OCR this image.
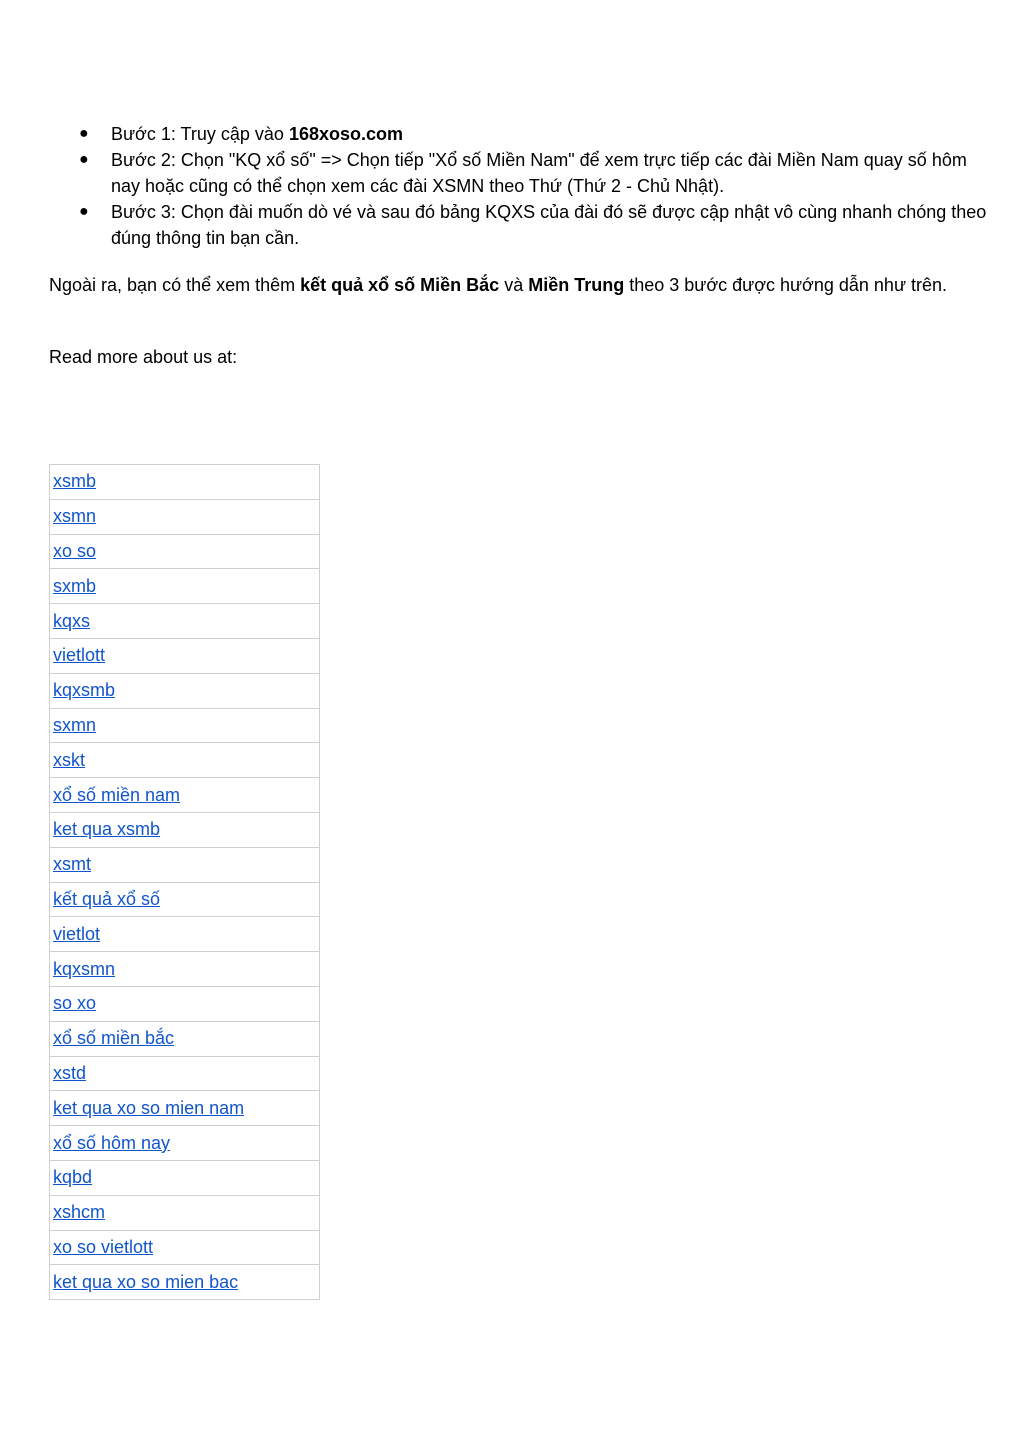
● Bước 1: Truy cập vào 168xoso.com
● Bước 2: Chọn "KQ xổ số" => Chọn tiếp "Xổ số Miền Nam" để xem trực tiếp các đài Miền Nam quay số hôm nay hoặc cũng có thể chọn xem các đài XSMN theo Thứ (Thứ 2 - Chủ Nhật).
● Bước 3: Chọn đài muốn dò vé và sau đó bảng KQXS của đài đó sẽ được cập nhật vô cùng nhanh chóng theo đúng thông tin bạn cần.

Ngoài ra, bạn có thể xem thêm kết quả xổ số Miền Bắc và Miền Trung theo 3 bước được hướng dẫn như trên.

Read more about us at:

xsmb
xsmn
xo so
sxmb
kqxs
vietlott
kqxsmb
sxmn
xskt
xổ số miền nam
ket qua xsmb
xsmt
kết quả xổ số
vietlot
kqxsmn
so xo
xổ số miền bắc
xstd
ket qua xo so mien nam
xổ số hôm nay
kqbd
xshcm
xo so vietlott
ket qua xo so mien bac
